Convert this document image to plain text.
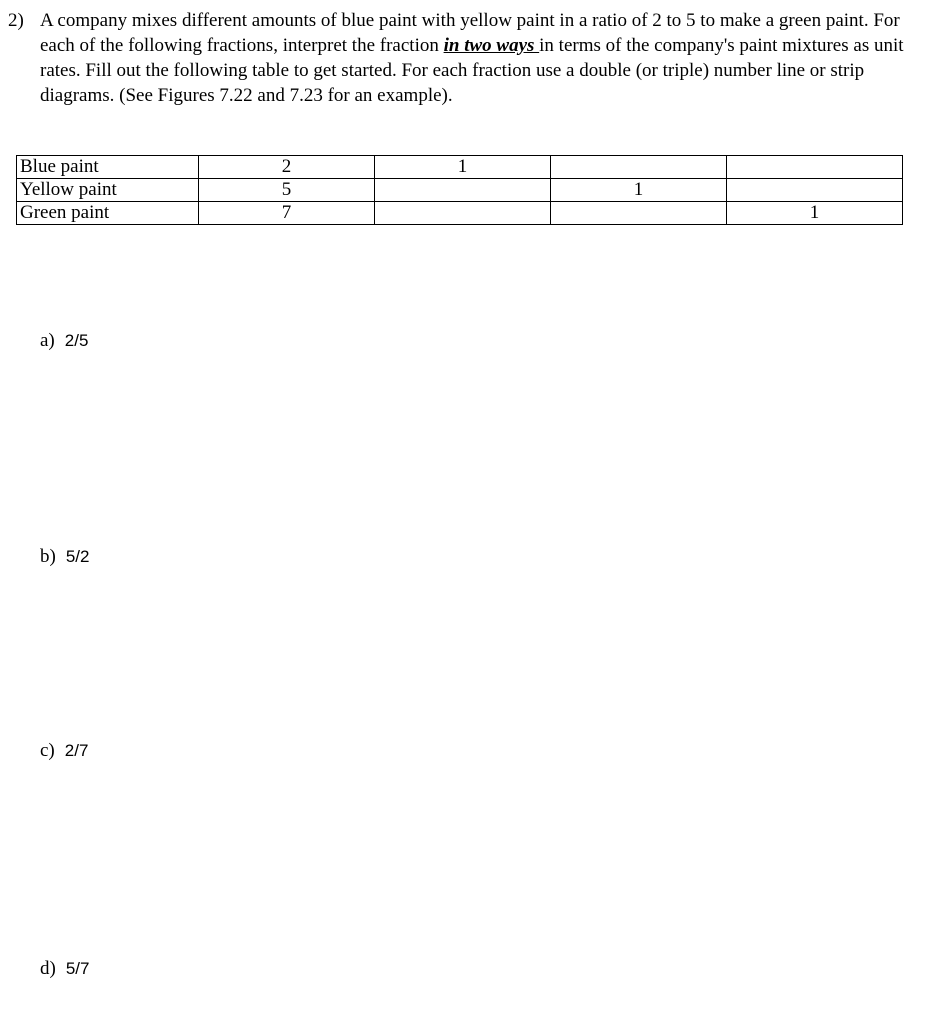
2) A company mixes different amounts of blue paint with yellow paint in a ratio of 2 to 5 to make a green paint. For each of the following fractions, interpret the fraction in two ways in terms of the company's paint mixtures as unit rates. Fill out the following table to get started. For each fraction use a double (or triple) number line or strip diagrams. (See Figures 7.22 and 7.23 for an example).
Blue paint	2	1		
Yellow paint	5		1	
Green paint	7			1
a) 2/5
b) 5/2
c) 2/7
d) 5/7
